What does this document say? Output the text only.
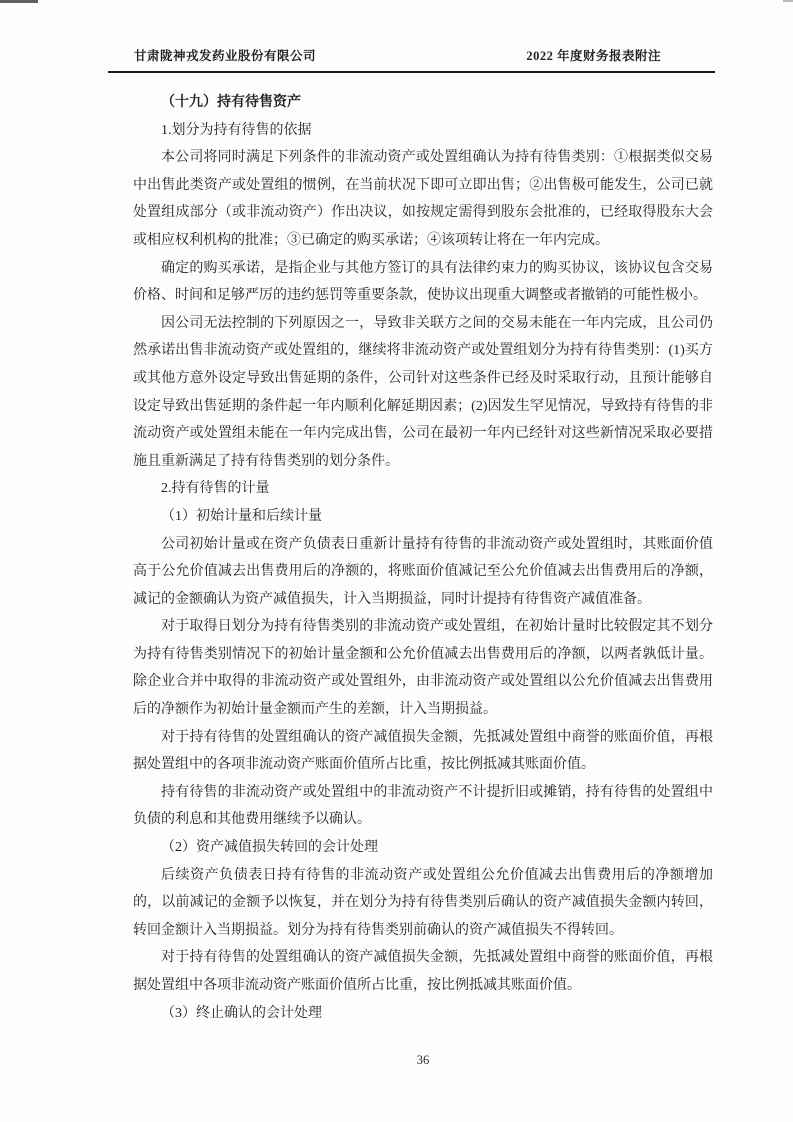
甘肃陇神戎发药业股份有限公司	2022 年度财务报表附注

（十九）持有待售资产

1.划分为持有待售的依据

本公司将同时满足下列条件的非流动资产或处置组确认为持有待售类别：①根据类似交易中出售此类资产或处置组的惯例，在当前状况下即可立即出售；②出售极可能发生，公司已就处置组成部分（或非流动资产）作出决议，如按规定需得到股东会批准的，已经取得股东大会或相应权利机构的批准；③已确定的购买承诺；④该项转让将在一年内完成。

确定的购买承诺，是指企业与其他方签订的具有法律约束力的购买协议，该协议包含交易价格、时间和足够严厉的违约惩罚等重要条款，使协议出现重大调整或者撤销的可能性极小。

因公司无法控制的下列原因之一，导致非关联方之间的交易未能在一年内完成，且公司仍然承诺出售非流动资产或处置组的，继续将非流动资产或处置组划分为持有待售类别：(1)买方或其他方意外设定导致出售延期的条件，公司针对这些条件已经及时采取行动，且预计能够自设定导致出售延期的条件起一年内顺利化解延期因素；(2)因发生罕见情况，导致持有待售的非流动资产或处置组未能在一年内完成出售，公司在最初一年内已经针对这些新情况采取必要措施且重新满足了持有待售类别的划分条件。

2.持有待售的计量

（1）初始计量和后续计量

公司初始计量或在资产负债表日重新计量持有待售的非流动资产或处置组时，其账面价值高于公允价值减去出售费用后的净额的，将账面价值减记至公允价值减去出售费用后的净额，减记的金额确认为资产减值损失，计入当期损益，同时计提持有待售资产减值准备。

对于取得日划分为持有待售类别的非流动资产或处置组，在初始计量时比较假定其不划分为持有待售类别情况下的初始计量金额和公允价值减去出售费用后的净额，以两者孰低计量。除企业合并中取得的非流动资产或处置组外，由非流动资产或处置组以公允价值减去出售费用后的净额作为初始计量金额而产生的差额，计入当期损益。

对于持有待售的处置组确认的资产减值损失金额，先抵减处置组中商誉的账面价值，再根据处置组中的各项非流动资产账面价值所占比重，按比例抵减其账面价值。

持有待售的非流动资产或处置组中的非流动资产不计提折旧或摊销，持有待售的处置组中负债的利息和其他费用继续予以确认。

（2）资产减值损失转回的会计处理

后续资产负债表日持有待售的非流动资产或处置组公允价值减去出售费用后的净额增加的，以前减记的金额予以恢复，并在划分为持有待售类别后确认的资产减值损失金额内转回，转回金额计入当期损益。划分为持有待售类别前确认的资产减值损失不得转回。

对于持有待售的处置组确认的资产减值损失金额，先抵减处置组中商誉的账面价值，再根据处置组中各项非流动资产账面价值所占比重，按比例抵减其账面价值。

（3）终止确认的会计处理

36
